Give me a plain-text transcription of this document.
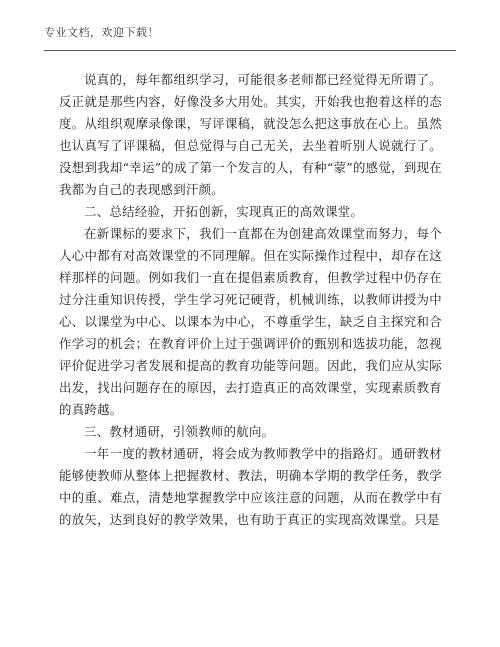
专业文档，欢迎下载！

说真的，每年都组织学习，可能很多老师都已经觉得无所谓了。反正就是那些内容，好像没多大用处。其实，开始我也抱着这样的态度。从组织观摩录像课，写评课稿，就没怎么把这事放在心上。虽然也认真写了评课稿，但总觉得与自己无关，去坐着听别人说就行了。没想到我却“幸运”的成了第一个发言的人，有种“蒙”的感觉，到现在我都为自己的表现感到汗颜。

二、总结经验，开拓创新，实现真正的高效课堂。

在新课标的要求下，我们一直都在为创建高效课堂而努力，每个人心中都有对高效课堂的不同理解。但在实际操作过程中，却存在这样那样的问题。例如我们一直在提倡素质教育，但教学过程中仍存在过分注重知识传授，学生学习死记硬背，机械训练，以教师讲授为中心、以课堂为中心、以课本为中心，不尊重学生，缺乏自主探究和合作学习的机会；在教育评价上过于强调评价的甄别和选拔功能，忽视评价促进学习者发展和提高的教育功能等问题。因此，我们应从实际出发，找出问题存在的原因，去打造真正的高效课堂，实现素质教育的真跨越。

三、教材通研，引领教师的航向。

一年一度的教材通研，将会成为教师教学中的指路灯。通研教材能够使教师从整体上把握教材、教法，明确本学期的教学任务，教学中的重、难点，清楚地掌握教学中应该注意的问题，从而在教学中有的放矢，达到良好的教学效果，也有助于真正的实现高效课堂。只是
